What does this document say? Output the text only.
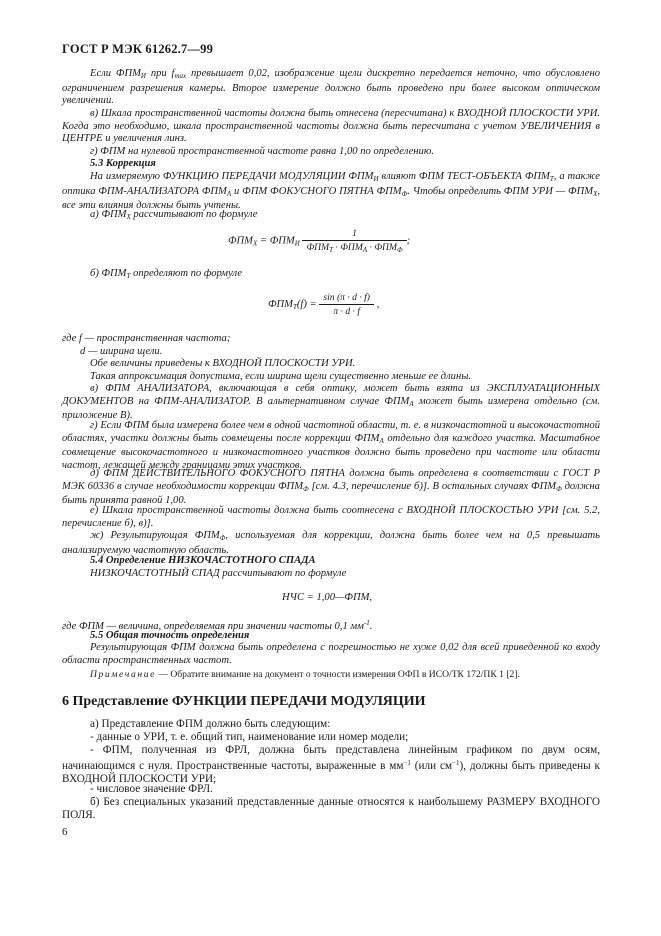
ГОСТ Р МЭК 61262.7—99
Если $ФПМ_И$ при $f_{max}$ превышает 0,02, изображение щели дискретно передается неточно, что обусловлено ограничением разрешения камеры. Второе измерение должно быть проведено при более высоком оптическом увеличении.
в) Шкала пространственной частоты должна быть отнесена (пересчитана) к ВХОДНОЙ ПЛОСКОСТИ УРИ. Когда это необходимо, шкала пространственной частоты должна быть пересчитана с учетом УВЕЛИЧЕНИЯ в ЦЕНТРЕ и увеличения линз.
г) ФПМ на нулевой пространственной частоте равна 1,00 по определению.
5.3 Коррекция
На измеряемую ФУНКЦИЮ ПЕРЕДАЧИ МОДУЛЯЦИИ $ФПМ_И$ влияют ФПМ ТЕСТ-ОБЪЕКТА $ФПМ_Т$, а также оптика ФПМ-АНАЛИЗАТОРА $ФПМ_А$ и ФПМ ФОКУСНОГО ПЯТНА $ФПМ_Ф$. Чтобы определить ФПМ УРИ — $ФПМ_X$, все эти влияния должны быть учтены.
а) $ФПМ_X$ рассчитывают по формуле
$ФПМ_X = ФПМ_И \frac{1}{ФПМ_Т \cdot ФПМ_А \cdot ФПМ_Ф}$ ;
б) $ФПМ_Т$ определяют по формуле
$ФПМ_Т(f) = \frac{\sin (\pi \cdot d \cdot f)}{\pi \cdot d \cdot f}$ ,
где f — пространственная частота;
d — ширина щели.
Обе величины приведены к ВХОДНОЙ ПЛОСКОСТИ УРИ.
Такая аппроксимация допустима, если ширина щели существенно меньше ее длины.
в) ФПМ АНАЛИЗАТОРА, включающая в себя оптику, может быть взята из ЭКСПЛУАТАЦИОННЫХ ДОКУМЕНТОВ на ФПМ-АНАЛИЗАТОР. В альтернативном случае $ФПМ_А$ может быть измерена отдельно (см. приложение В).
г) Если ФПМ была измерена более чем в одной частотной области, т. е. в низкочастотной и высокочастотной областях, участки должны быть совмещены после коррекции $ФПМ_А$ отдельно для каждого участка. Масштабное совмещение высокочастотного и низкочастотного участков должно быть проведено при частоте или области частот, лежащей между границами этих участков.
д) ФПМ ДЕЙСТВИТЕЛЬНОГО ФОКУСНОГО ПЯТНА должна быть определена в соответствии с ГОСТ Р МЭК 60336 в случае необходимости коррекции $ФПМ_Ф$ [см. 4.3, перечисление б)]. В остальных случаях $ФПМ_Ф$ должна быть принята равной 1,00.
е) Шкала пространственной частоты должна быть соотнесена с ВХОДНОЙ ПЛОСКОСТЬЮ УРИ [см. 5.2, перечисление б), в)].
ж) Результирующая $ФПМ_Ф$, используемая для коррекции, должна быть более чем на 0,5 превышать анализируемую частотную область.
5.4 Определение НИЗКОЧАСТОТНОГО СПАДА
НИЗКОЧАСТОТНЫЙ СПАД рассчитывают по формуле
НЧС = 1,00—ФПМ,
где ФПМ — величина, определяемая при значении частоты 0,1 $мм^{-1}$.
5.5 Общая точность определения
Результирующая ФПМ должна быть определена с погрешностью не хуже 0,02 для всей приведенной ко входу области пространственных частот.
Примечание — Обратите внимание на документ о точности измерения ОФП в ИСО/ТК 172/ПК 1 [2].
6 Представление ФУНКЦИИ ПЕРЕДАЧИ МОДУЛЯЦИИ
а) Представление ФПМ должно быть следующим:
- данные о УРИ, т. е. общий тип, наименование или номер модели;
- ФПМ, полученная из ФРЛ, должна быть представлена линейным графиком по двум осям, начинающимся с нуля. Пространственные частоты, выраженные в $мм^{-1}$ (или $см^{-1}$), должны быть приведены к ВХОДНОЙ ПЛОСКОСТИ УРИ;
- числовое значение ФРЛ.
б) Без специальных указаний представленные данные относятся к наибольшему РАЗМЕРУ ВХОДНОГО ПОЛЯ.
6
